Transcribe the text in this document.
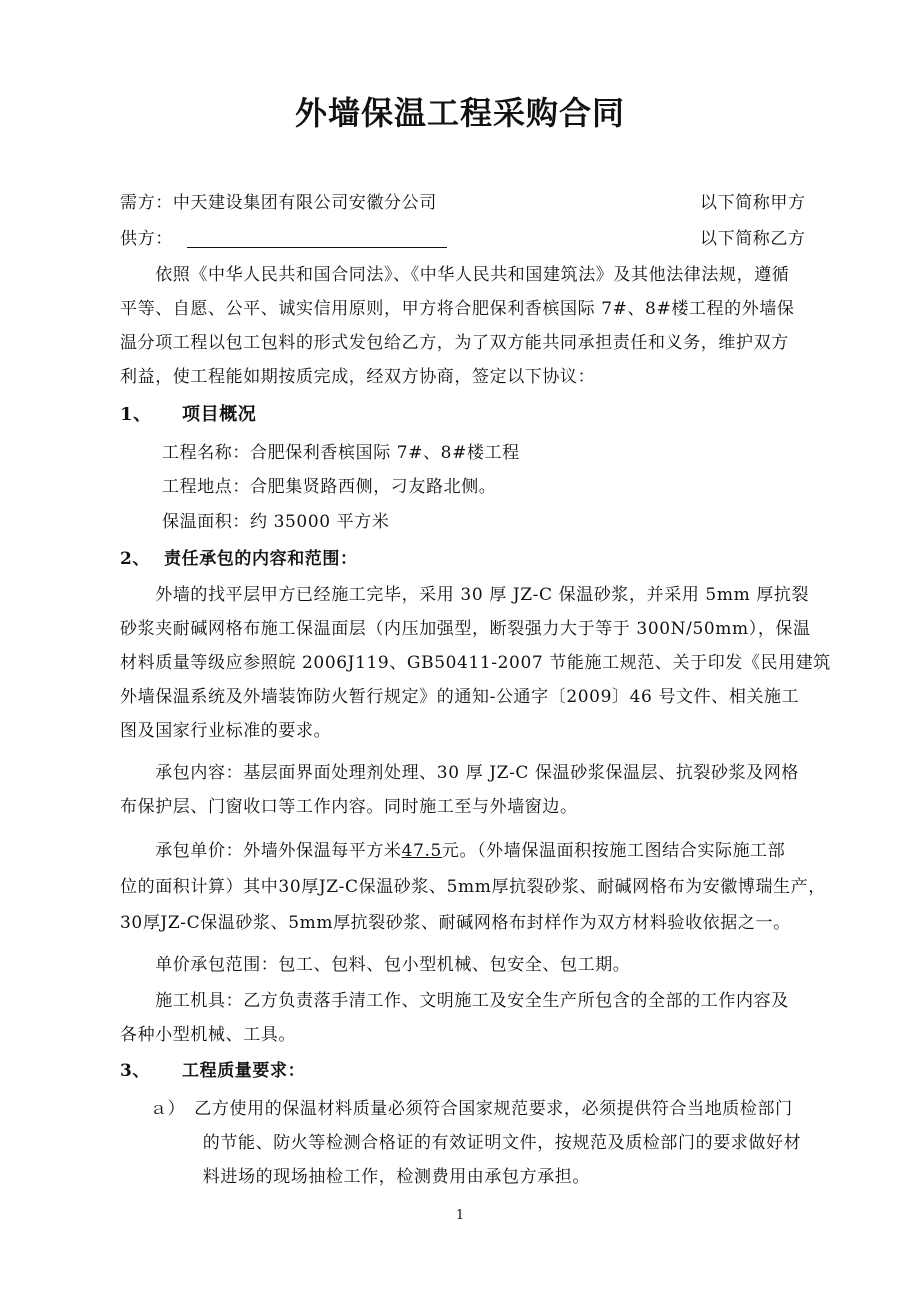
外墙保温工程采购合同
需方：中天建设集团有限公司安徽分公司	以下简称甲方
供方：	以下简称乙方
　　依照《中华人民共和国合同法》、《中华人民共和国建筑法》及其他法律法规，遵循
平等、自愿、公平、诚实信用原则，甲方将合肥保利香槟国际 7#、8#楼工程的外墙保
温分项工程以包工包料的形式发包给乙方，为了双方能共同承担责任和义务，维护双方
利益，使工程能如期按质完成，经双方协商，签定以下协议：
1、 项目概况
工程名称：合肥保利香槟国际 7#、8#楼工程
工程地点：合肥集贤路西侧，刁友路北侧。
保温面积：约 35000 平方米
2、 责任承包的内容和范围：
　　外墙的找平层甲方已经施工完毕，采用 30 厚 JZ-C 保温砂浆，并采用 5mm 厚抗裂
砂浆夹耐碱网格布施工保温面层（内压加强型，断裂强力大于等于 300N/50mm），保温
材料质量等级应参照皖 2006J119、GB50411-2007 节能施工规范、关于印发《民用建筑
外墙保温系统及外墙装饰防火暂行规定》的通知-公通字〔2009〕46 号文件、相关施工
图及国家行业标准的要求。
　　承包内容：基层面界面处理剂处理、30 厚 JZ-C 保温砂浆保温层、抗裂砂浆及网格
布保护层、门窗收口等工作内容。同时施工至与外墙窗边。
　　承包单价：外墙外保温每平方米47.5元。（外墙保温面积按施工图结合实际施工部
位的面积计算）其中30厚JZ-C保温砂浆、5mm厚抗裂砂浆、耐碱网格布为安徽博瑞生产，
30厚JZ-C保温砂浆、5mm厚抗裂砂浆、耐碱网格布封样作为双方材料验收依据之一。
　　单价承包范围：包工、包料、包小型机械、包安全、包工期。
　　施工机具：乙方负责落手清工作、文明施工及安全生产所包含的全部的工作内容及
各种小型机械、工具。
3、 工程质量要求：
ａ）　乙方使用的保温材料质量必须符合国家规范要求，必须提供符合当地质检部门
　　　的节能、防火等检测合格证的有效证明文件，按规范及质检部门的要求做好材
　　　料进场的现场抽检工作，检测费用由承包方承担。
1
